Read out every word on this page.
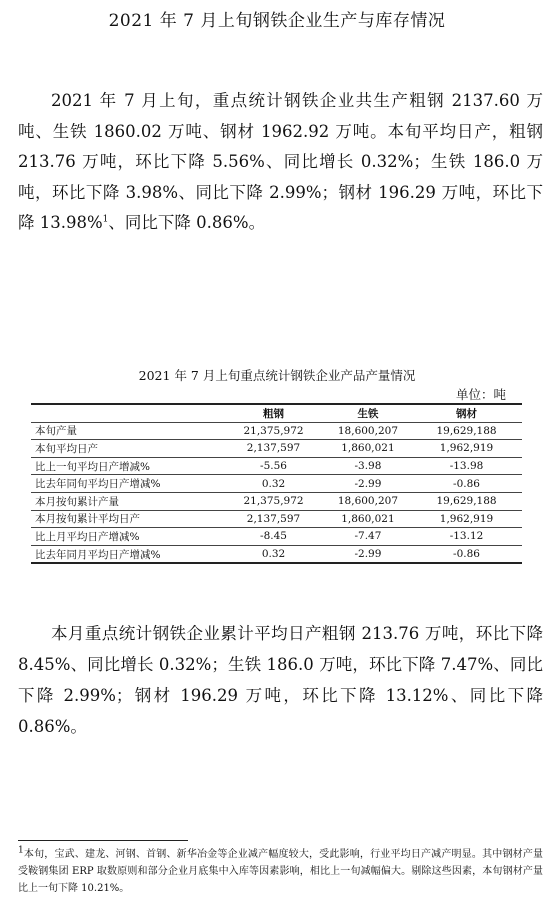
2021 年 7 月上旬钢铁企业生产与库存情况

2021 年 7 月上旬，重点统计钢铁企业共生产粗钢 2137.60 万吨、生铁 1860.02 万吨、钢材 1962.92 万吨。本旬平均日产，粗钢 213.76 万吨，环比下降 5.56%、同比增长 0.32%；生铁 186.0 万吨，环比下降 3.98%、同比下降 2.99%；钢材 196.29 万吨，环比下降 13.98%$^1$、同比下降 0.86%。

2021 年 7 月上旬重点统计钢铁企业产品产量情况
单位：吨
	粗钢	生铁	钢材
本旬产量	21,375,972	18,600,207	19,629,188
本旬平均日产	2,137,597	1,860,021	1,962,919
比上一旬平均日产增减%	-5.56	-3.98	-13.98
比去年同旬平均日产增减%	0.32	-2.99	-0.86
本月按旬累计产量	21,375,972	18,600,207	19,629,188
本月按旬累计平均日产	2,137,597	1,860,021	1,962,919
比上月平均日产增减%	-8.45	-7.47	-13.12
比去年同月平均日产增减%	0.32	-2.99	-0.86

本月重点统计钢铁企业累计平均日产粗钢 213.76 万吨，环比下降 8.45%、同比增长 0.32%；生铁 186.0 万吨，环比下降 7.47%、同比下降 2.99%；钢材 196.29 万吨，环比下降 13.12%、同比下降 0.86%。

$^1$本旬，宝武、建龙、河钢、首钢、新华冶金等企业减产幅度较大，受此影响，行业平均日产减产明显。其中钢材产量受鞍钢集团 ERP 取数原则和部分企业月底集中入库等因素影响，相比上一旬减幅偏大。剔除这些因素，本旬钢材产量比上一旬下降 10.21%。
